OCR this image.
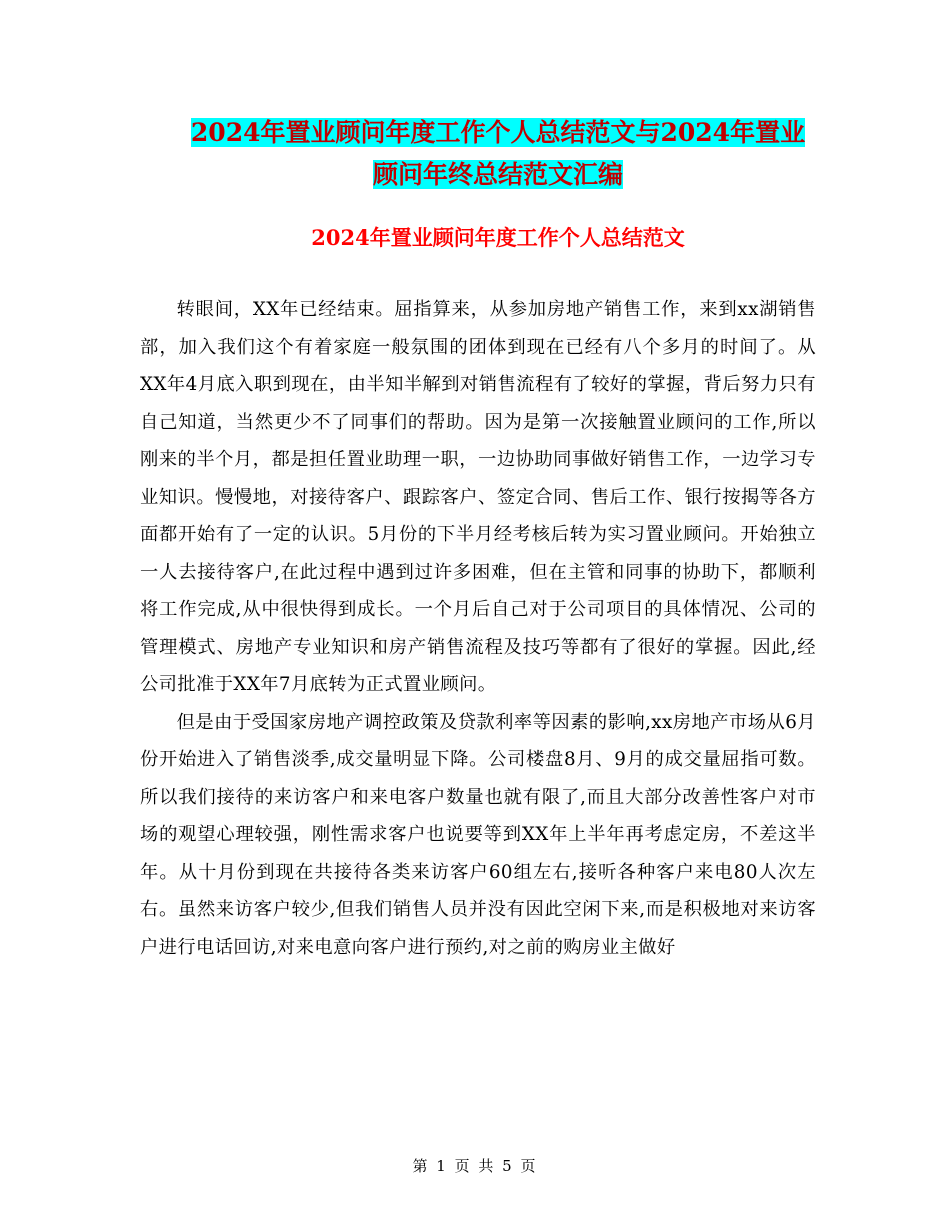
2024年置业顾问年度工作个人总结范文与2024年置业
顾问年终总结范文汇编
2024年置业顾问年度工作个人总结范文

转眼间，XX年已经结束。屈指算来，从参加房地产销售工作，来到xx湖销售部，加入我们这个有着家庭一般氛围的团体到现在已经有八个多月的时间了。从XX年4月底入职到现在，由半知半解到对销售流程有了较好的掌握，背后努力只有自己知道，当然更少不了同事们的帮助。因为是第一次接触置业顾问的工作,所以刚来的半个月，都是担任置业助理一职，一边协助同事做好销售工作，一边学习专业知识。慢慢地，对接待客户、跟踪客户、签定合同、售后工作、银行按揭等各方面都开始有了一定的认识。5月份的下半月经考核后转为实习置业顾问。开始独立一人去接待客户,在此过程中遇到过许多困难，但在主管和同事的协助下，都顺利将工作完成,从中很快得到成长。一个月后自己对于公司项目的具体情况、公司的管理模式、房地产专业知识和房产销售流程及技巧等都有了很好的掌握。因此,经公司批准于XX年7月底转为正式置业顾问。

但是由于受国家房地产调控政策及贷款利率等因素的影响,xx房地产市场从6月份开始进入了销售淡季,成交量明显下降。公司楼盘8月、9月的成交量屈指可数。所以我们接待的来访客户和来电客户数量也就有限了,而且大部分改善性客户对市场的观望心理较强，刚性需求客户也说要等到XX年上半年再考虑定房，不差这半年。从十月份到现在共接待各类来访客户60组左右,接听各种客户来电80人次左右。虽然来访客户较少,但我们销售人员并没有因此空闲下来,而是积极地对来访客户进行电话回访,对来电意向客户进行预约,对之前的购房业主做好

第 1 页 共 5 页
